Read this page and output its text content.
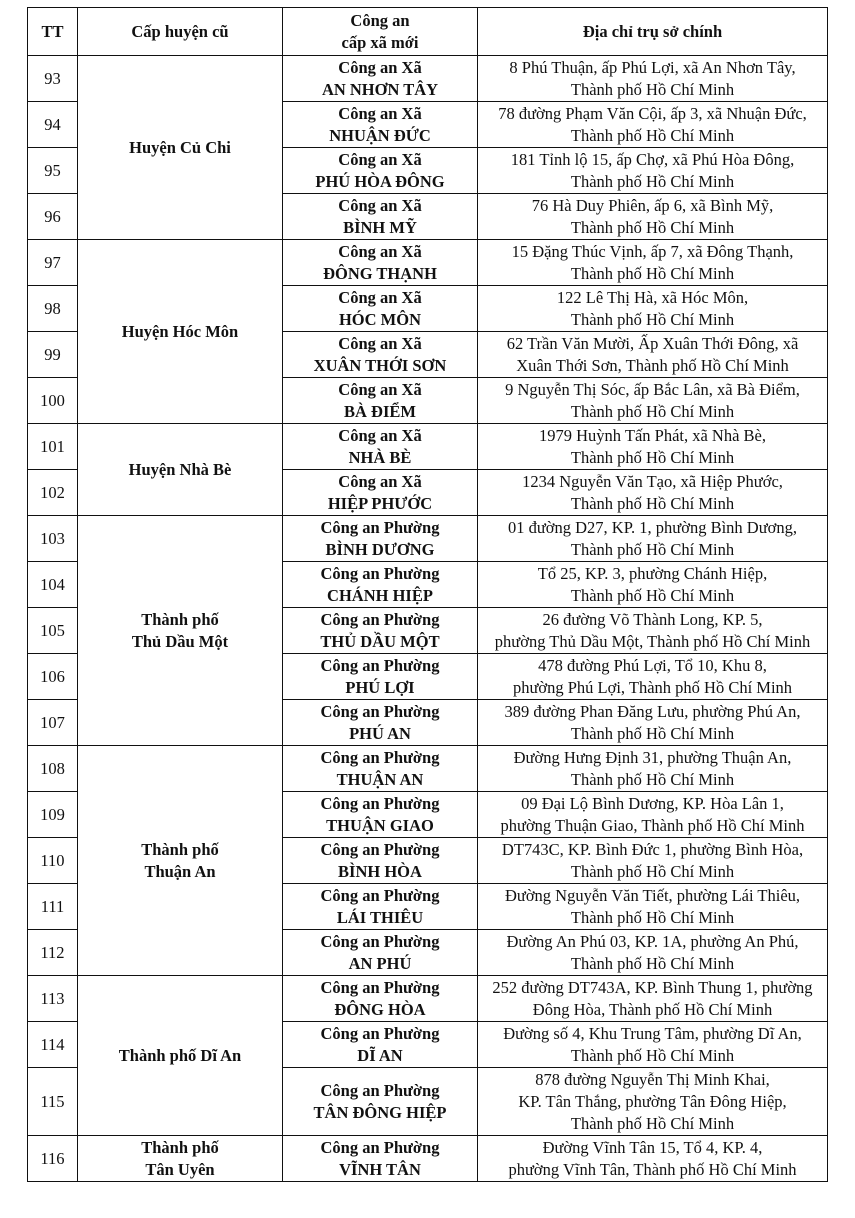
TT	Cấp huyện cũ	Công an
cấp xã mới	Địa chỉ trụ sở chính
93	Huyện Củ Chi	Công an Xã
AN NHƠN TÂY	8 Phú Thuận, ấp Phú Lợi, xã An Nhơn Tây,
Thành phố Hồ Chí Minh

94		Công an Xã
NHUẬN ĐỨC	78 đường Phạm Văn Cội, ấp 3, xã Nhuận Đức,
Thành phố Hồ Chí Minh

95		Công an Xã
PHÚ HÒA ĐÔNG	181 Tỉnh lộ 15, ấp Chợ, xã Phú Hòa Đông,
Thành phố Hồ Chí Minh

96		Công an Xã
BÌNH MỸ	76 Hà Duy Phiên, ấp 6, xã Bình Mỹ,
Thành phố Hồ Chí Minh

97	Huyện Hóc Môn	Công an Xã
ĐÔNG THẠNH	15 Đặng Thúc Vịnh, ấp 7, xã Đông Thạnh,
Thành phố Hồ Chí Minh

98		Công an Xã
HÓC MÔN	122 Lê Thị Hà, xã Hóc Môn,
Thành phố Hồ Chí Minh

99		Công an Xã
XUÂN THỚI SƠN	62 Trần Văn Mười, Ấp Xuân Thới Đông, xã
Xuân Thới Sơn, Thành phố Hồ Chí Minh

100		Công an Xã
BÀ ĐIỂM	9 Nguyễn Thị Sóc, ấp Bắc Lân, xã Bà Điểm,
Thành phố Hồ Chí Minh

101	Huyện Nhà Bè	Công an Xã
NHÀ BÈ	1979 Huỳnh Tấn Phát, xã Nhà Bè,
Thành phố Hồ Chí Minh

102		Công an Xã
HIỆP PHƯỚC	1234 Nguyễn Văn Tạo, xã Hiệp Phước,
Thành phố Hồ Chí Minh

103	Thành phố
Thủ Dầu Một	Công an Phường
BÌNH DƯƠNG	01 đường D27, KP. 1, phường Bình Dương,
Thành phố Hồ Chí Minh

104		Công an Phường
CHÁNH HIỆP	Tổ 25, KP. 3, phường Chánh Hiệp,
Thành phố Hồ Chí Minh

105		Công an Phường
THỦ DẦU MỘT	26 đường Võ Thành Long, KP. 5,
phường Thủ Dầu Một, Thành phố Hồ Chí Minh

106		Công an Phường
PHÚ LỢI	478 đường Phú Lợi, Tổ 10, Khu 8,
phường Phú Lợi, Thành phố Hồ Chí Minh

107		Công an Phường
PHÚ AN	389 đường Phan Đăng Lưu, phường Phú An,
Thành phố Hồ Chí Minh

108	Thành phố
Thuận An	Công an Phường
THUẬN AN	Đường Hưng Định 31, phường Thuận An,
Thành phố Hồ Chí Minh

109		Công an Phường
THUẬN GIAO	09 Đại Lộ Bình Dương, KP. Hòa Lân 1,
phường Thuận Giao, Thành phố Hồ Chí Minh

110		Công an Phường
BÌNH HÒA	DT743C, KP. Bình Đức 1, phường Bình Hòa,
Thành phố Hồ Chí Minh

111		Công an Phường
LÁI THIÊU	Đường Nguyễn Văn Tiết, phường Lái Thiêu,
Thành phố Hồ Chí Minh

112		Công an Phường
AN PHÚ	Đường An Phú 03, KP. 1A, phường An Phú,
Thành phố Hồ Chí Minh

113	Thành phố Dĩ An	Công an Phường
ĐÔNG HÒA	252 đường DT743A, KP. Bình Thung 1, phường
Đông Hòa, Thành phố Hồ Chí Minh

114		Công an Phường
DĨ AN	Đường số 4, Khu Trung Tâm, phường Dĩ An,
Thành phố Hồ Chí Minh

115		Công an Phường
TÂN ĐÔNG HIỆP	878 đường Nguyễn Thị Minh Khai,
KP. Tân Thắng, phường Tân Đông Hiệp,
Thành phố Hồ Chí Minh

116	Thành phố
Tân Uyên	Công an Phường
VĨNH TÂN	Đường Vĩnh Tân 15, Tổ 4, KP. 4,
phường Vĩnh Tân, Thành phố Hồ Chí Minh
